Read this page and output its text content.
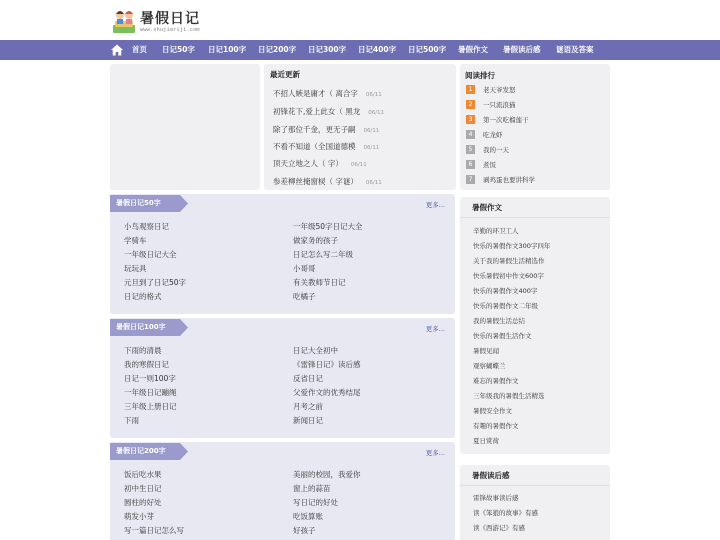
暑假日记
www.shujiariji.com
首页 日记50字 日记100字 日记200字 日记300字 日记400字 日记500字 暑假作文 暑假读后感 谜语及答案
最近更新
不招人嫉是庸才（ 离合字 06/11
初锋花下,爱上此女（ 黑龙 06/11
除了那位千金，更无子嗣 06/11
不看不知道（全国道德模 06/11
顶天立地之人（ 字） 06/11
参差柳丝掩窗棂（ 字谜） 06/11
阅读排行
1 老天爷发怒
2 一只流浪猫
3 第一次吃榴莲干
4 吃龙虾
5 我的一天
6 煮饭
7 剥鸡蛋也要讲科学
暑假日记50字	更多...
小鸟观察日记
学骑车
一年级日记大全
玩玩具
元旦到了日记50字
日记的格式
一年级50字日记大全
做家务的孩子
日记怎么写二年级
小哥哥
有关教师节日记
吃橘子
暑假日记100字	更多...
下雨的清晨
我的寒假日记
日记一则100字
一年级日记蹦绳
三年级上册日记
下雨
日记大全初中
《雷锋日记》读后感
反省日记
父爱作文的优秀结尾
月考之前
新闻日记
暑假日记200字	更多...
饭后吃水果
初中生日记
圆柱的好处
萌发小芽
写一篇日记怎么写
美丽的校园，我爱你
窗上的蒜苗
写日记的好处
吃饭算账
好孩子
暑假作文
辛勤的环卫工人
快乐的暑假作文300字四年
关于我的暑假生活精选作
快乐暑假初中作文600字
快乐的暑假作文400字
快乐的暑假作文二年级
我的暑假生活总结
快乐的暑假生活作文
暑假见闻
观察蝴蝶兰
难忘的暑假作文
三年级我的暑假生活精选
暑假安全作文
有趣的暑假作文
夏日赏荷
暑假读后感
雷锋故事读后感
读《笨狼的故事》有感
读《西游记》有感
